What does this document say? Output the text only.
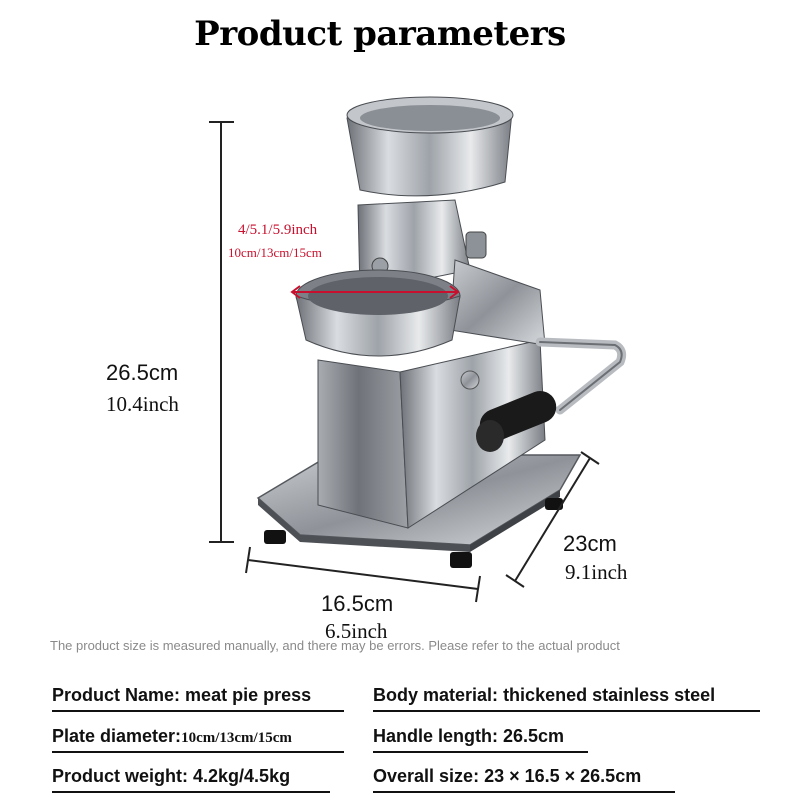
Product parameters
26.5cm
10.4inch
23cm
9.1inch
16.5cm
6.5inch
4/5.1/5.9inch
10cm/13cm/15cm
The product size is measured manually, and there may be errors. Please refer to the actual product
Product Name: meat pie press	Body material: thickened stainless steel
Plate diameter:10cm/13cm/15cm	Handle length: 26.5cm
Product weight: 4.2kg/4.5kg	Overall size: 23 × 16.5 × 26.5cm
